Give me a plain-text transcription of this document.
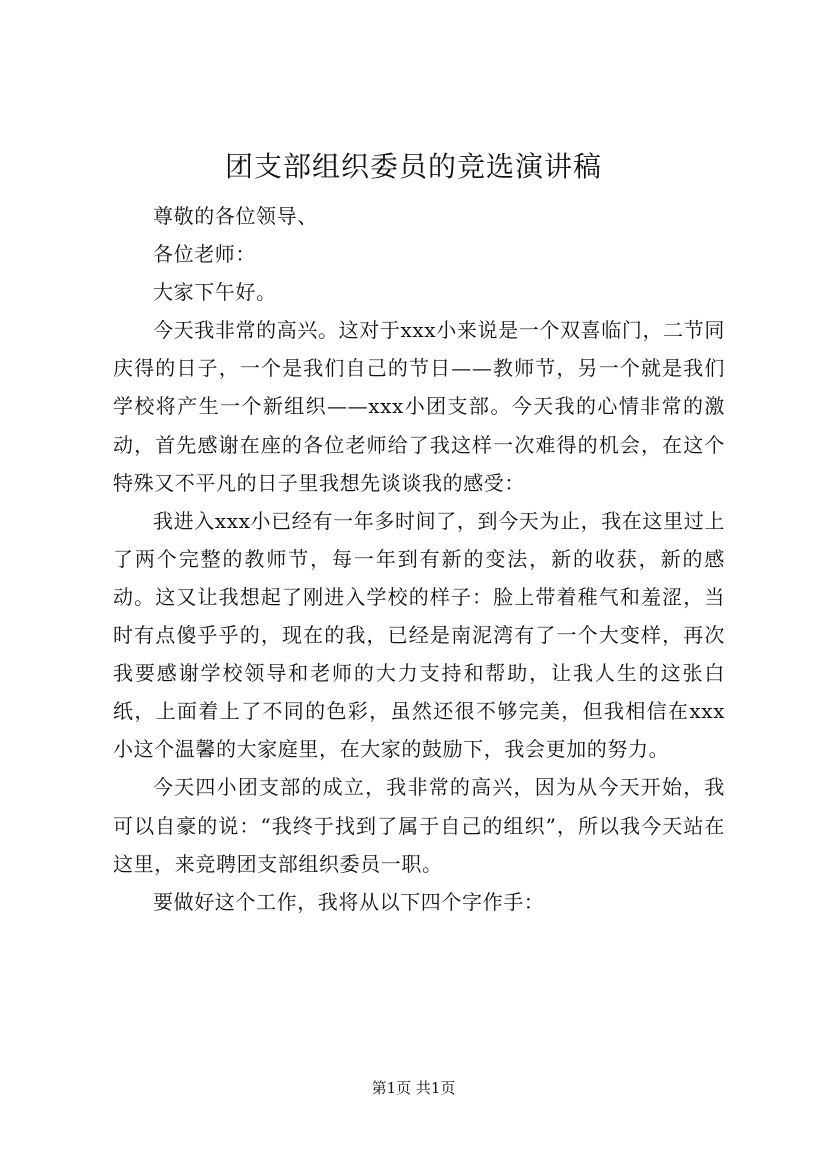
团支部组织委员的竞选演讲稿

尊敬的各位领导、

各位老师：

大家下午好。

今天我非常的高兴。这对于xxx小来说是一个双喜临门，二节同庆得的日子，一个是我们自己的节日——教师节，另一个就是我们学校将产生一个新组织——xxx小团支部。今天我的心情非常的激动，首先感谢在座的各位老师给了我这样一次难得的机会，在这个特殊又不平凡的日子里我想先谈谈我的感受：

我进入xxx小已经有一年多时间了，到今天为止，我在这里过上了两个完整的教师节，每一年到有新的变法，新的收获，新的感动。这又让我想起了刚进入学校的样子：脸上带着稚气和羞涩，当时有点傻乎乎的，现在的我，已经是南泥湾有了一个大变样，再次我要感谢学校领导和老师的大力支持和帮助，让我人生的这张白纸，上面着上了不同的色彩，虽然还很不够完美，但我相信在xxx小这个温馨的大家庭里，在大家的鼓励下，我会更加的努力。

今天四小团支部的成立，我非常的高兴，因为从今天开始，我可以自豪的说：“我终于找到了属于自己的组织”，所以我今天站在这里，来竞聘团支部组织委员一职。

要做好这个工作，我将从以下四个字作手：

第1页 共1页
